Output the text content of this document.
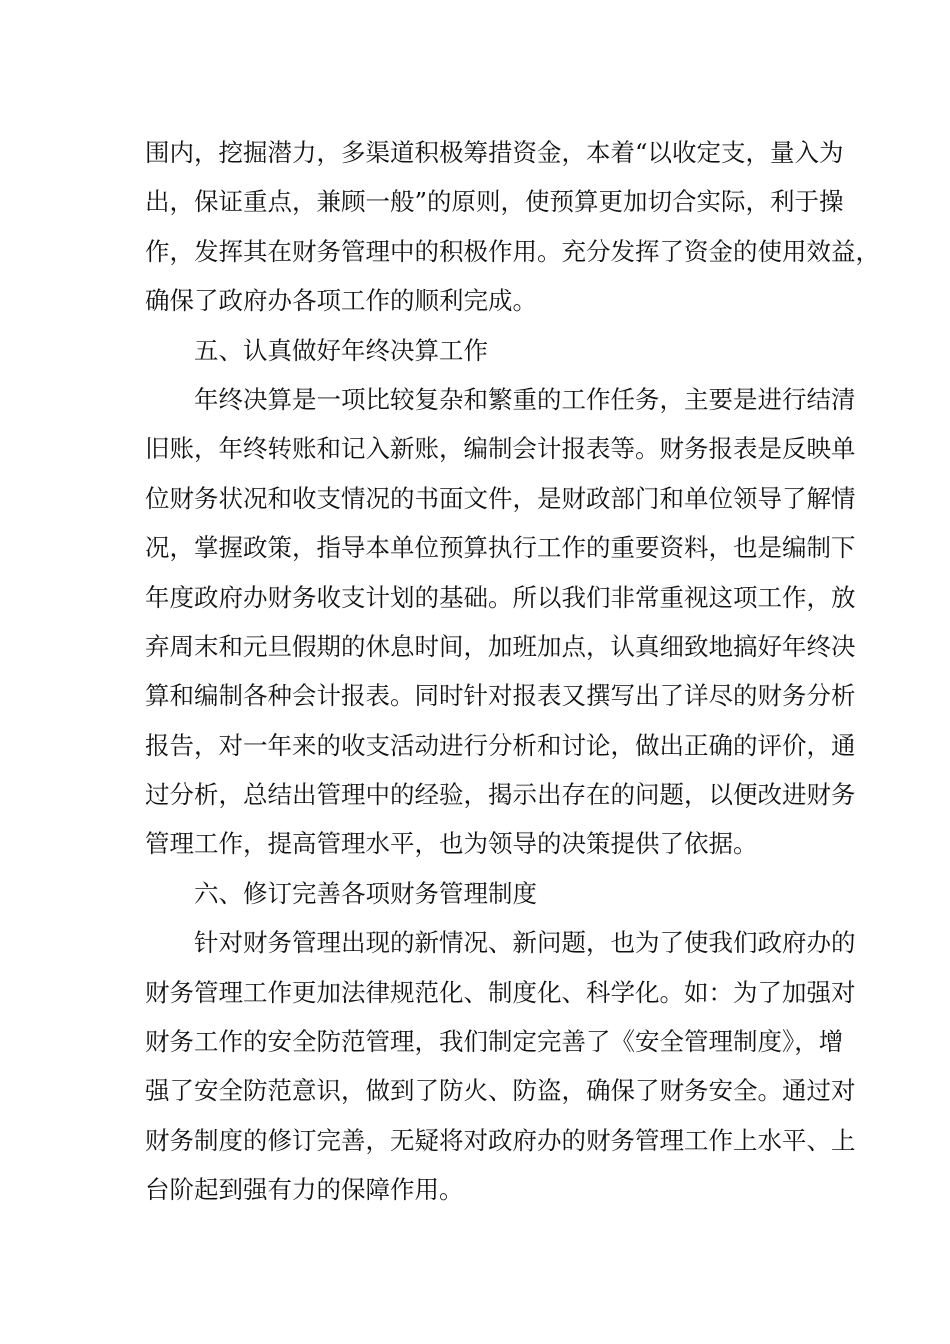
围内，挖掘潜力，多渠道积极筹措资金，本着“以收定支，量入为
出，保证重点，兼顾一般”的原则，使预算更加切合实际，利于操
作，发挥其在财务管理中的积极作用。充分发挥了资金的使用效益，
确保了政府办各项工作的顺利完成。
五、认真做好年终决算工作
年终决算是一项比较复杂和繁重的工作任务，主要是进行结清
旧账，年终转账和记入新账，编制会计报表等。财务报表是反映单
位财务状况和收支情况的书面文件，是财政部门和单位领导了解情
况，掌握政策，指导本单位预算执行工作的重要资料，也是编制下
年度政府办财务收支计划的基础。所以我们非常重视这项工作，放
弃周末和元旦假期的休息时间，加班加点，认真细致地搞好年终决
算和编制各种会计报表。同时针对报表又撰写出了详尽的财务分析
报告，对一年来的收支活动进行分析和讨论，做出正确的评价，通
过分析，总结出管理中的经验，揭示出存在的问题，以便改进财务
管理工作，提高管理水平，也为领导的决策提供了依据。
六、修订完善各项财务管理制度
针对财务管理出现的新情况、新问题，也为了使我们政府办的
财务管理工作更加法律规范化、制度化、科学化。如：为了加强对
财务工作的安全防范管理，我们制定完善了《安全管理制度》，增
强了安全防范意识，做到了防火、防盗，确保了财务安全。通过对
财务制度的修订完善，无疑将对政府办的财务管理工作上水平、上
台阶起到强有力的保障作用。
